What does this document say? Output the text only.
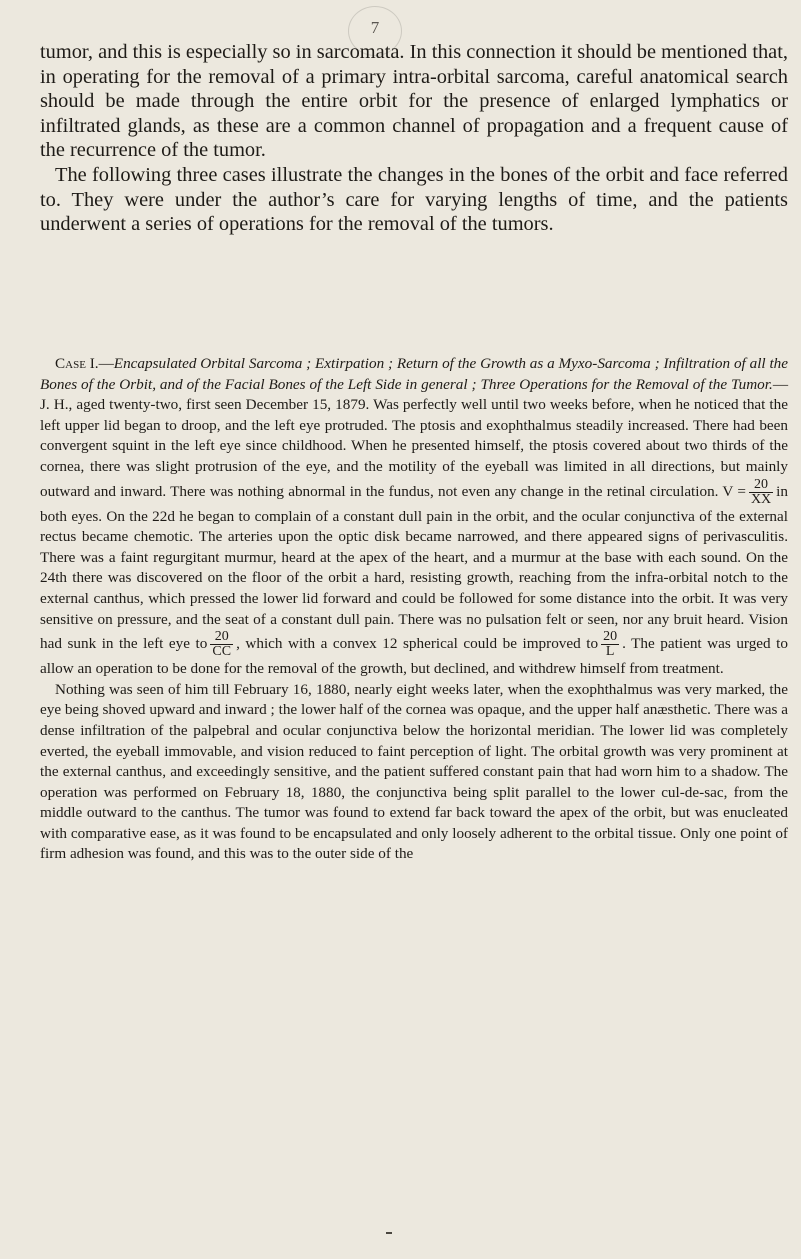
7

tumor, and this is especially so in sarcomata. In this connection it should be mentioned that, in operating for the removal of a primary intra-orbital sarcoma, careful anatomical search should be made through the entire orbit for the presence of enlarged lymphatics or infiltrated glands, as these are a common channel of propagation and a frequent cause of the recurrence of the tumor.

The following three cases illustrate the changes in the bones of the orbit and face referred to. They were under the author’s care for varying lengths of time, and the patients underwent a series of operations for the removal of the tumors.

Case I.—Encapsulated Orbital Sarcoma ; Extirpation ; Return of the Growth as a Myxo-Sarcoma ; Infiltration of all the Bones of the Orbit, and of the Facial Bones of the Left Side in general ; Three Operations for the Removal of the Tumor.—J. H., aged twenty-two, first seen December 15, 1879. Was perfectly well until two weeks before, when he noticed that the left upper lid began to droop, and the left eye protruded. The ptosis and exophthalmus steadily increased. There had been convergent squint in the left eye since childhood. When he presented himself, the ptosis covered about two thirds of the cornea, there was slight protrusion of the eye, and the motility of the eyeball was limited in all directions, but mainly outward and inward. There was nothing abnormal in the fundus, not even any change in the retinal circulation. $V = \frac{20}{XX}$ in both eyes. On the 22d he began to complain of a constant dull pain in the orbit, and the ocular conjunctiva of the external rectus became chemotic. The arteries upon the optic disk became narrowed, and there appeared signs of perivasculitis. There was a faint regurgitant murmur, heard at the apex of the heart, and a murmur at the base with each sound. On the 24th there was discovered on the floor of the orbit a hard, resisting growth, reaching from the infra-orbital notch to the external canthus, which pressed the lower lid forward and could be followed for some distance into the orbit. It was very sensitive on pressure, and the seat of a constant dull pain. There was no pulsation felt or seen, nor any bruit heard. Vision had sunk in the left eye to $\frac{20}{CC}$ , which with a convex 12 spherical could be improved to $\frac{20}{L}$ . The patient was urged to allow an operation to be done for the removal of the growth, but declined, and withdrew himself from treatment.

Nothing was seen of him till February 16, 1880, nearly eight weeks later, when the exophthalmus was very marked, the eye being shoved upward and inward ; the lower half of the cornea was opaque, and the upper half anæsthetic. There was a dense infiltration of the palpebral and ocular conjunctiva below the horizontal meridian. The lower lid was completely everted, the eyeball immovable, and vision reduced to faint perception of light. The orbital growth was very prominent at the external canthus, and exceedingly sensitive, and the patient suffered constant pain that had worn him to a shadow. The operation was performed on February 18, 1880, the conjunctiva being split parallel to the lower cul-de-sac, from the middle outward to the canthus. The tumor was found to extend far back toward the apex of the orbit, but was enucleated with comparative ease, as it was found to be encapsulated and only loosely adherent to the orbital tissue. Only one point of firm adhesion was found, and this was to the outer side of the
